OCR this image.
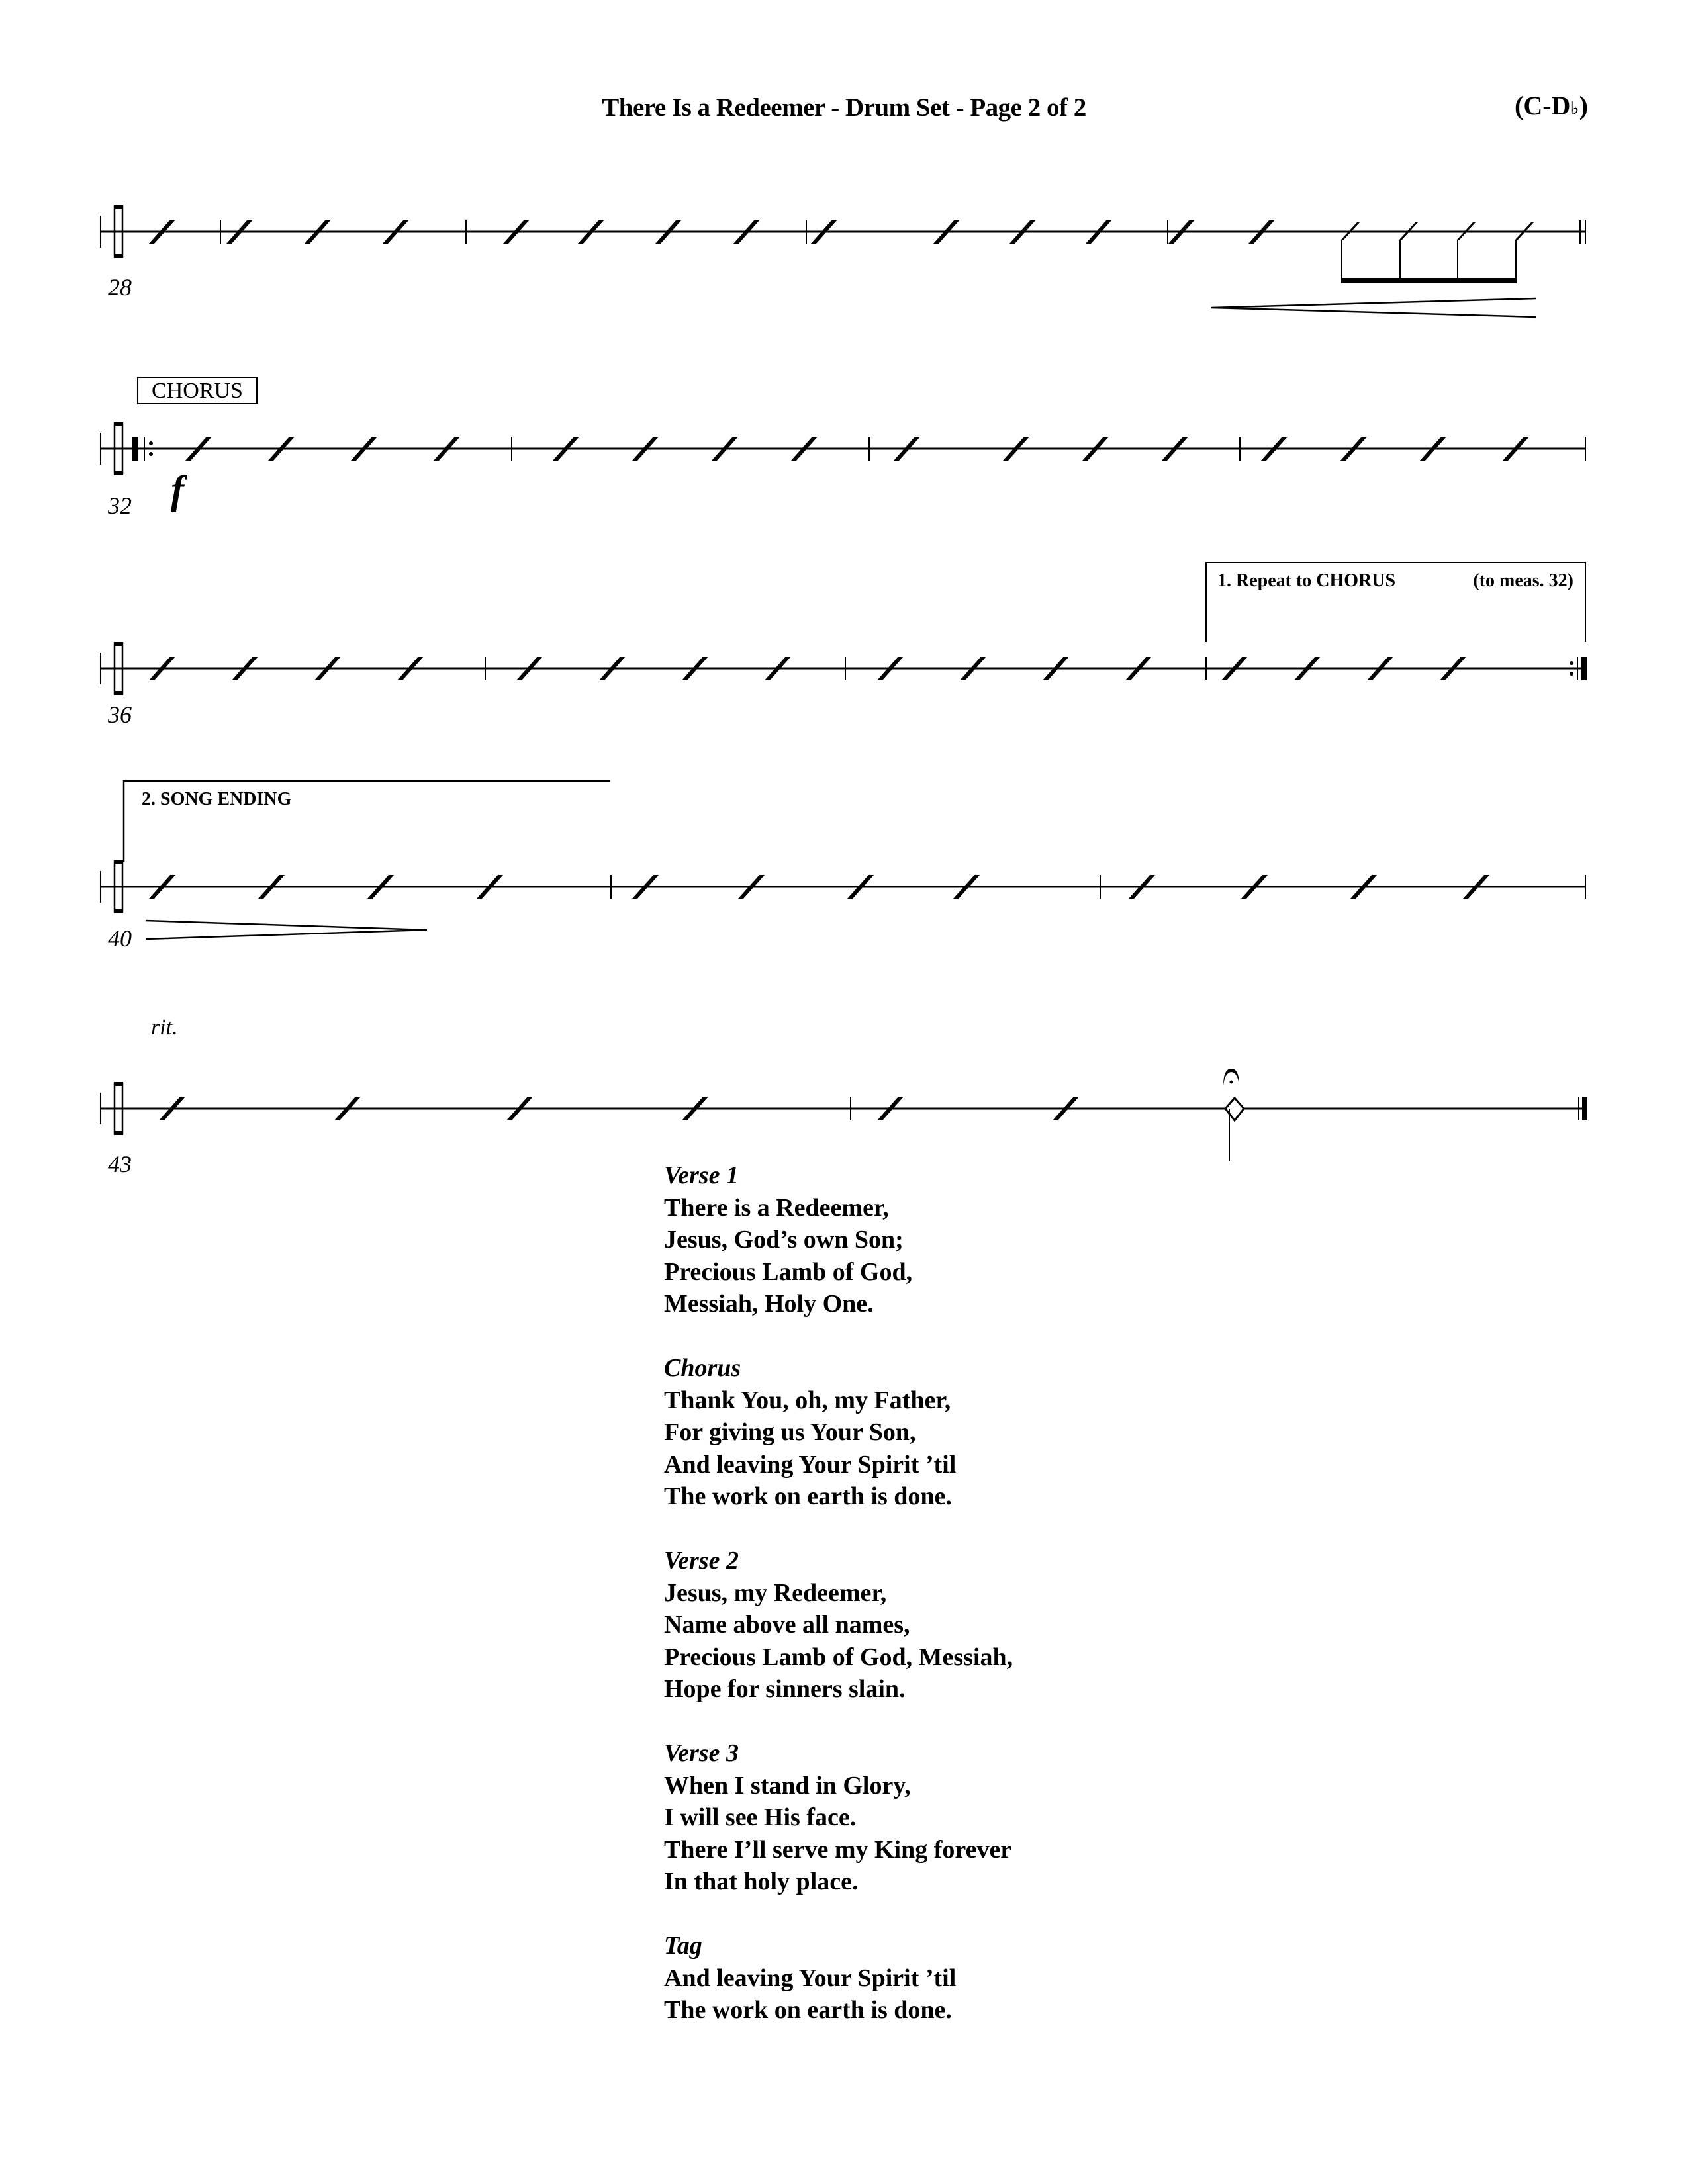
There Is a Redeemer - Drum Set - Page 2 of 2	(C-D♭)
28
32
CHORUS
f
36
1. Repeat to CHORUS	(to meas. 32)
40
2. SONG ENDING
43
rit.
Verse 1
There is a Redeemer,
Jesus, God’s own Son;
Precious Lamb of God,
Messiah, Holy One.
Chorus
Thank You, oh, my Father,
For giving us Your Son,
And leaving Your Spirit ’til
The work on earth is done.
Verse 2
Jesus, my Redeemer,
Name above all names,
Precious Lamb of God, Messiah,
Hope for sinners slain.
Verse 3
When I stand in Glory,
I will see His face.
There I’ll serve my King forever
In that holy place.
Tag
And leaving Your Spirit ’til
The work on earth is done.
